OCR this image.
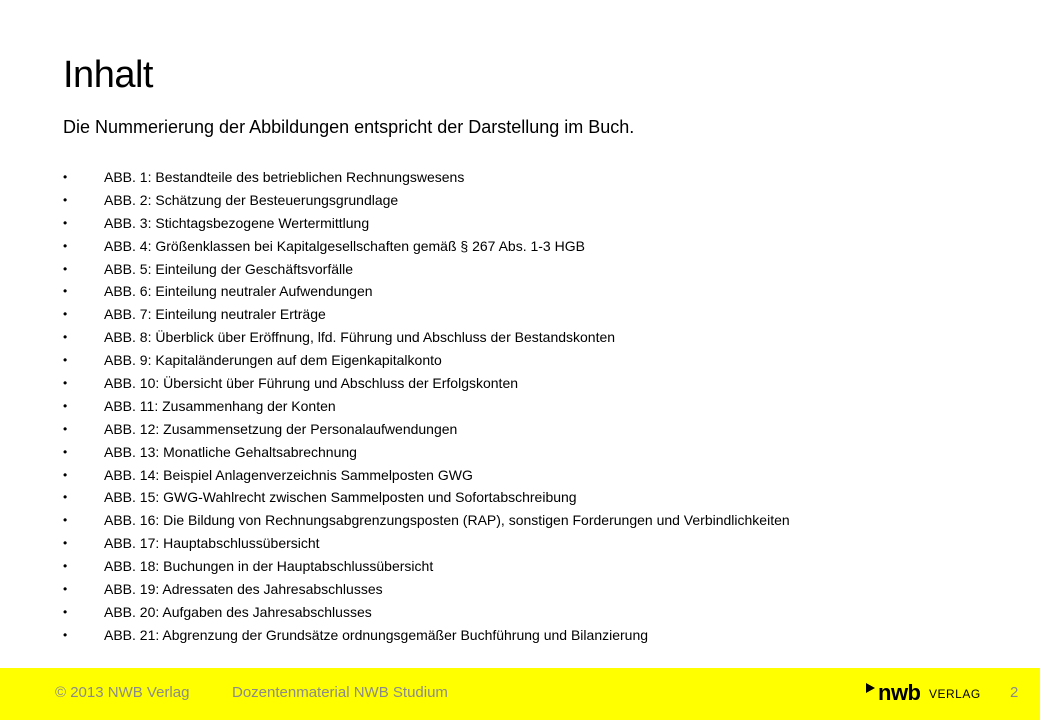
Inhalt

Die Nummerierung der Abbildungen entspricht der Darstellung im Buch.

•	ABB. 1: Bestandteile des betrieblichen Rechnungswesens
•	ABB. 2: Schätzung der Besteuerungsgrundlage
•	ABB. 3: Stichtagsbezogene Wertermittlung
•	ABB. 4: Größenklassen bei Kapitalgesellschaften gemäß § 267 Abs. 1-3 HGB
•	ABB. 5: Einteilung der Geschäftsvorfälle
•	ABB. 6: Einteilung neutraler Aufwendungen
•	ABB. 7: Einteilung neutraler Erträge
•	ABB. 8: Überblick über Eröffnung, lfd. Führung und Abschluss der Bestandskonten
•	ABB. 9: Kapitaländerungen auf dem Eigenkapitalkonto
•	ABB. 10: Übersicht über Führung und Abschluss der Erfolgskonten
•	ABB. 11: Zusammenhang der Konten
•	ABB. 12: Zusammensetzung der Personalaufwendungen
•	ABB. 13: Monatliche Gehaltsabrechnung
•	ABB. 14: Beispiel Anlagenverzeichnis Sammelposten GWG
•	ABB. 15: GWG-Wahlrecht zwischen Sammelposten und Sofortabschreibung
•	ABB. 16: Die Bildung von Rechnungsabgrenzungsposten (RAP), sonstigen Forderungen und Verbindlichkeiten
•	ABB. 17: Hauptabschlussübersicht
•	ABB. 18: Buchungen in der Hauptabschlussübersicht
•	ABB. 19: Adressaten des Jahresabschlusses
•	ABB. 20: Aufgaben des Jahresabschlusses
•	ABB. 21: Abgrenzung der Grundsätze ordnungsgemäßer Buchführung und Bilanzierung
© 2013 NWB Verlag	Dozentenmaterial NWB Studium	nwb VERLAG 2
